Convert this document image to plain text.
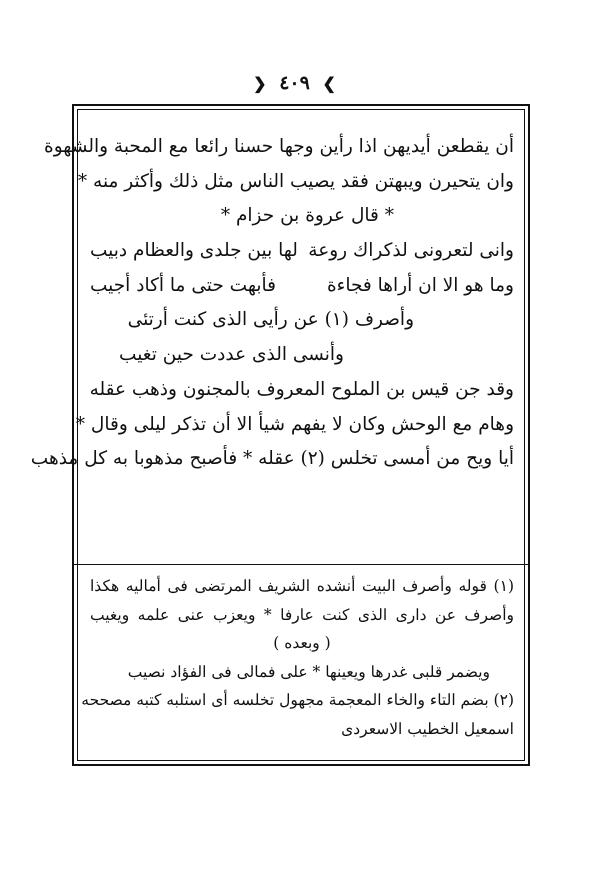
❯ ٤٠٩ ❮
أن يقطعن أيديهن اذا رأين وجها حسنا رائعا مع المحبة والشهوة
وان يتحيرن ويبهتن فقد يصيب الناس مثل ذلك وأكثر منه *
* قال عروة بن حزام *
وانى لتعرونى لذكراك روعة
لها بين جلدى والعظام دبيب
وما هو الا ان أراها فجاءة
فأبهت حتى ما أكاد أجيب
وأصرف (١) عن رأيى الذى كنت أرتئى
وأنسى الذى عددت حين تغيب
وقد جن قيس بن الملوح المعروف بالمجنون وذهب عقله
وهام مع الوحش وكان لا يفهم شيأ الا أن تذكر ليلى وقال *
أيا ويح من أمسى تخلس (٢) عقله * فأصبح مذهوبا به كل مذهب
(١) قوله وأصرف البيت أنشده الشريف المرتضى فى أماليه هكذا
وأصرف عن دارى الذى كنت عارفا * ويعزب عنى علمه ويغيب
( وبعده )
ويضمر قلبى غدرها ويعينها * على فمالى فى الفؤاد نصيب
(٢) بضم التاء والخاء المعجمة مجهول تخلسه أى استلبه كتبه مصححه
اسمعيل الخطيب الاسعردى
